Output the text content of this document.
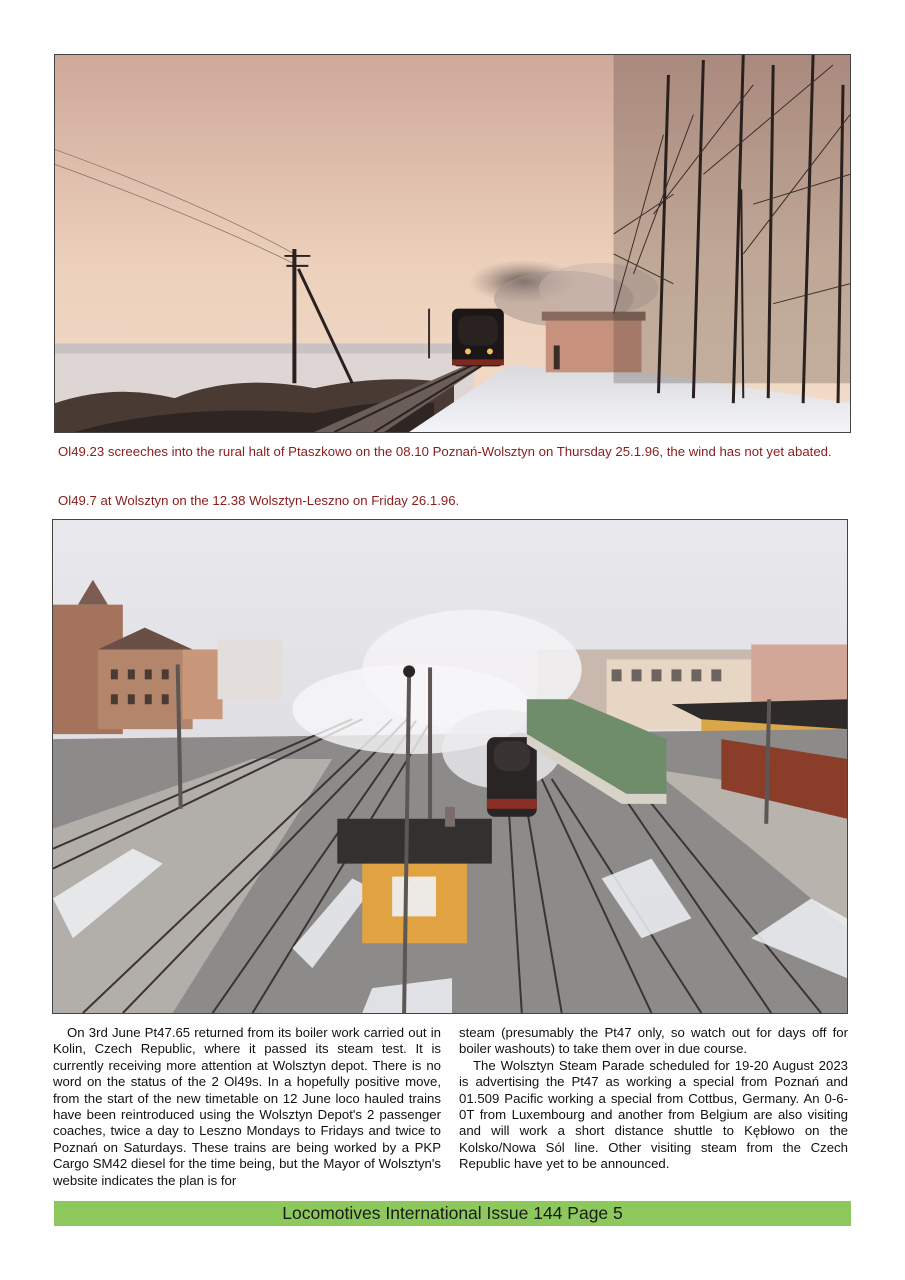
Ol49.23 screeches into the rural halt of Ptaszkowo on the 08.10 Poznań-Wolsztyn on Thursday 25.1.96, the wind has not yet abated.

Ol49.7 at Wolsztyn on the 12.38 Wolsztyn-Leszno on Friday 26.1.96.

On 3rd June Pt47.65 returned from its boiler work carried out in Kolin, Czech Republic, where it passed its steam test. It is currently receiving more attention at Wolsztyn depot. There is no word on the status of the 2 Ol49s. In a hopefully positive move, from the start of the new timetable on 12 June loco hauled trains have been reintroduced using the Wolsztyn Depot's 2 passenger coaches, twice a day to Leszno Mondays to Fridays and twice to Poznań on Saturdays. These trains are being worked by a PKP Cargo SM42 diesel for the time being, but the Mayor of Wolsztyn's website indicates the plan is for

steam (presumably the Pt47 only, so watch out for days off for boiler washouts) to take them over in due course.

The Wolsztyn Steam Parade scheduled for 19-20 August 2023 is advertising the Pt47 as working a special from Poznań and 01.509 Pacific working a special from Cottbus, Germany. An 0-6-0T from Luxembourg and another from Belgium are also visiting and will work a short distance shuttle to Kębłowo on the Kolsko/Nowa Sól line. Other visiting steam from the Czech Republic have yet to be announced.

Locomotives International Issue 144 Page 5
